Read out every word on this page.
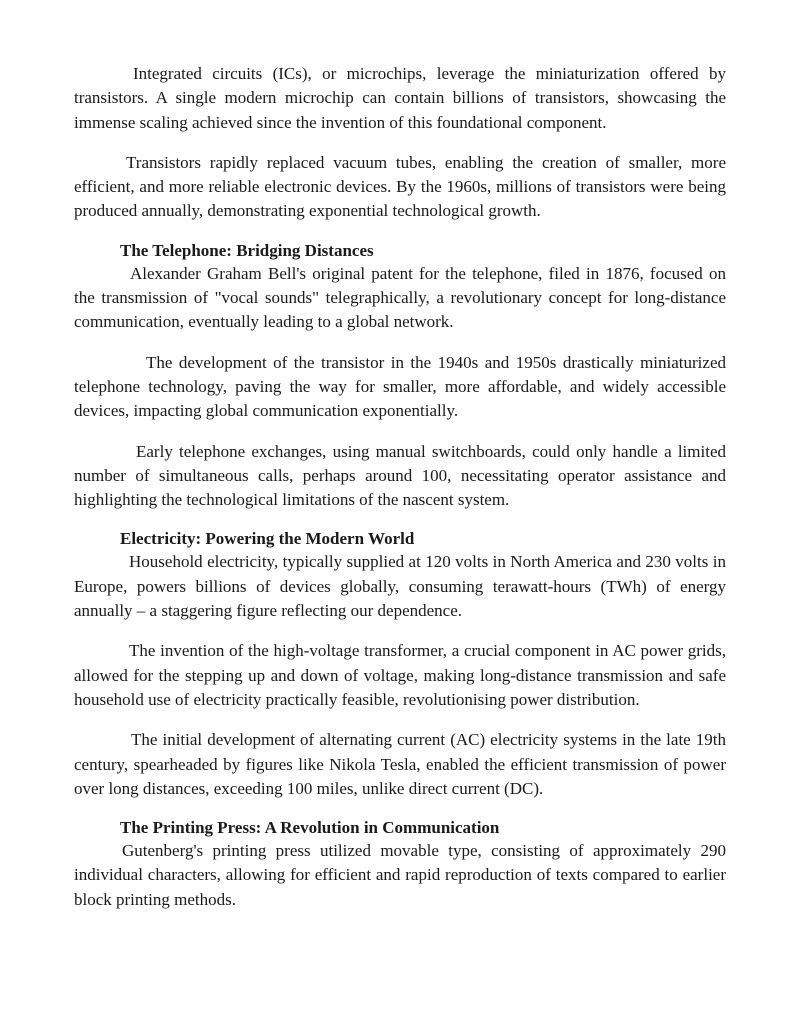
Integrated circuits (ICs), or microchips, leverage the miniaturization offered by transistors. A single modern microchip can contain billions of transistors, showcasing the immense scaling achieved since the invention of this foundational component.

Transistors rapidly replaced vacuum tubes, enabling the creation of smaller, more efficient, and more reliable electronic devices. By the 1960s, millions of transistors were being produced annually, demonstrating exponential technological growth.

The Telephone: Bridging Distances

Alexander Graham Bell's original patent for the telephone, filed in 1876, focused on the transmission of "vocal sounds" telegraphically, a revolutionary concept for long-distance communication, eventually leading to a global network.

The development of the transistor in the 1940s and 1950s drastically miniaturized telephone technology, paving the way for smaller, more affordable, and widely accessible devices, impacting global communication exponentially.

Early telephone exchanges, using manual switchboards, could only handle a limited number of simultaneous calls, perhaps around 100, necessitating operator assistance and highlighting the technological limitations of the nascent system.

Electricity: Powering the Modern World

Household electricity, typically supplied at 120 volts in North America and 230 volts in Europe, powers billions of devices globally, consuming terawatt-hours (TWh) of energy annually – a staggering figure reflecting our dependence.

The invention of the high-voltage transformer, a crucial component in AC power grids, allowed for the stepping up and down of voltage, making long-distance transmission and safe household use of electricity practically feasible, revolutionising power distribution.

The initial development of alternating current (AC) electricity systems in the late 19th century, spearheaded by figures like Nikola Tesla, enabled the efficient transmission of power over long distances, exceeding 100 miles, unlike direct current (DC).

The Printing Press: A Revolution in Communication

Gutenberg's printing press utilized movable type, consisting of approximately 290 individual characters, allowing for efficient and rapid reproduction of texts compared to earlier block printing methods.
